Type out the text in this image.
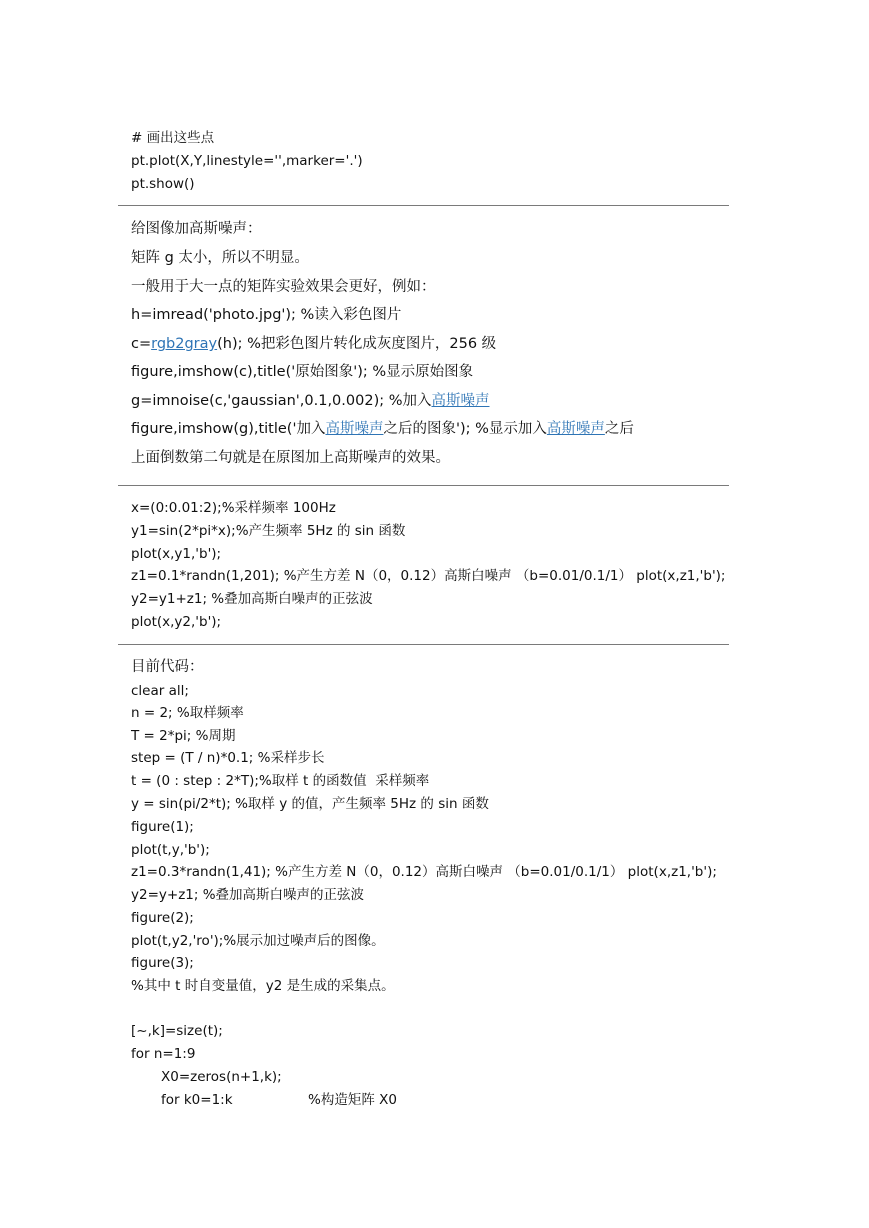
# 画出这些点
pt.plot(X,Y,linestyle='',marker='.')
pt.show()
给图像加高斯噪声：
矩阵 g 太小，所以不明显。
一般用于大一点的矩阵实验效果会更好，例如：
h=imread('photo.jpg'); %读入彩色图片
c=rgb2gray(h); %把彩色图片转化成灰度图片，256 级
figure,imshow(c),title('原始图象'); %显示原始图象
g=imnoise(c,'gaussian',0.1,0.002); %加入高斯噪声
figure,imshow(g),title('加入高斯噪声之后的图象'); %显示加入高斯噪声之后
上面倒数第二句就是在原图加上高斯噪声的效果。
x=(0:0.01:2);%采样频率 100Hz
y1=sin(2*pi*x);%产生频率 5Hz 的 sin 函数
plot(x,y1,'b');
z1=0.1*randn(1,201); %产生方差 N（0，0.12）高斯白噪声 （b=0.01/0.1/1） plot(x,z1,'b');
y2=y1+z1; %叠加高斯白噪声的正弦波
plot(x,y2,'b');
目前代码：
clear all;
n = 2; %取样频率
T = 2*pi; %周期
step = (T / n)*0.1; %采样步长
t = (0 : step : 2*T);%取样 t 的函数值  采样频率
y = sin(pi/2*t); %取样 y 的值，产生频率 5Hz 的 sin 函数
figure(1);
plot(t,y,'b');
z1=0.3*randn(1,41); %产生方差 N（0，0.12）高斯白噪声 （b=0.01/0.1/1） plot(x,z1,'b');
y2=y+z1; %叠加高斯白噪声的正弦波
figure(2);
plot(t,y2,'ro');%展示加过噪声后的图像。
figure(3);
%其中 t 时自变量值，y2 是生成的采集点。
[~,k]=size(t);
for n=1:9
X0=zeros(n+1,k);
for k0=1:k	%构造矩阵 X0
